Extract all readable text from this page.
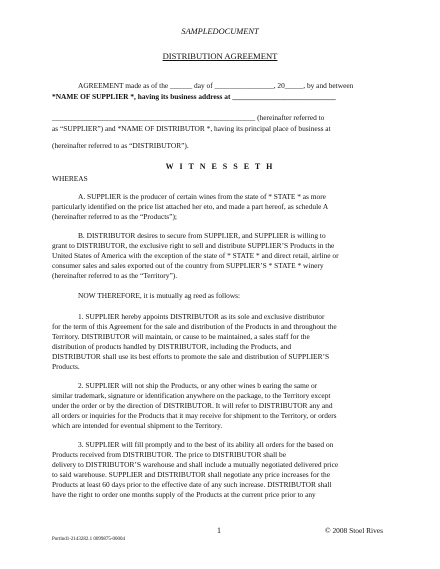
SAMPLEDOCUMENT
DISTRIBUTION AGREEMENT
AGREEMENT made as of the ______ day of ________________, 20_____, by and between
*NAME OF SUPPLIER *, having its business address at ____________________________
_______________________________________________________ (hereinafter referred to
as “SUPPLIER”) and *NAME OF DISTRIBUTOR *, having its principal place of business at
(hereinafter referred to as “DISTRIBUTOR”).
W I T N E S S E T H
WHEREAS
A. SUPPLIER is the producer of certain wines from the state of * STATE * as more
particularly identified on the price list attached her eto, and made a part hereof, as schedule A
(hereinafter referred to as the “Products”);
B. DISTRIBUTOR desires to secure from SUPPLIER, and SUPPLIER is willing to
grant to DISTRIBUTOR, the exclusive right to sell and distribute SUPPLIER’S Products in the
United States of America with the exception of the state of * STATE * and direct retail, airline or
consumer sales and sales exported out of the country from SUPPLIER’S * STATE * winery
(hereinafter referred to as the “Territory”).
NOW THEREFORE, it is mutually ag reed as follows:
1. SUPPLIER hereby appoints DISTRIBUTOR as its sole and exclusive distributor
for the term of this Agreement for the sale and distribution of the Products in and throughout the
Territory. DISTRIBUTOR will maintain, or cause to be maintained, a sales staff for the
distribution of products handled by DISTRIBUTOR, including the Products, and
DISTRIBUTOR shall use its best efforts to promote the sale and distribution of SUPPLIER’S
Products.
2. SUPPLIER will not ship the Products, or any other wines b earing the same or
similar trademark, signature or identification anywhere on the package, to the Territory except
under the order or by the direction of DISTRIBUTOR. It will refer to DISTRIBUTOR any and
all orders or inquiries for the Products that it may receive for shipment to the Territory, or orders
which are intended for eventual shipment to the Territory.
3. SUPPLIER will fill promptly and to the best of its ability all orders for the based on
Products received from DISTRIBUTOR. The price to DISTRIBUTOR shall be
delivery to DISTRIBUTOR’S warehouse and shall include a mutually negotiated delivered price
to said warehouse. SUPPLIER and DISTRIBUTOR shall negotiate any price increases for the
Products at least 60 days prior to the effective date of any such increase. DISTRIBUTOR shall
have the right to order one months supply of the Products at the current price prior to any
1	© 2008 Stoel Rives
Portlnd1-2143282.1 0099875-00004
